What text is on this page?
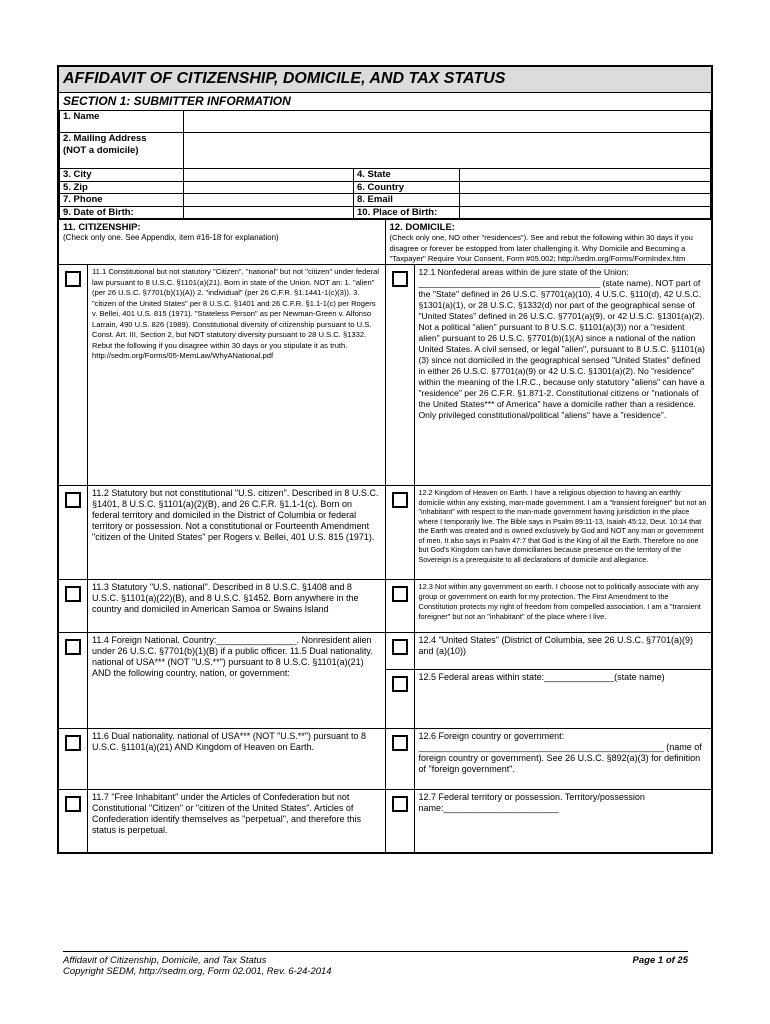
AFFIDAVIT OF CITIZENSHIP, DOMICILE, AND TAX STATUS
SECTION 1: SUBMITTER INFORMATION
1. Name			

2. Mailing Address
(NOT a domicile)			

3. City		4. State	
5. Zip		6. Country	
7. Phone		8. Email	
9. Date of Birth:		10. Place of Birth:	
11. CITIZENSHIP:
(Check only one. See Appendix, item #16-18 for explanation)
12. DOMICILE:
(Check only one, NO other "residences"). See and rebut the following within 30 days if you disagree or forever be estopped from later challenging it. Why Domicile and Becoming a "Taxpayer" Require Your Consent, Form #05.002; http://sedm.org/Forms/FormIndex.htm
11.1 Constitutional but not statutory "Citizen". "national" but not "citizen" under federal law pursuant to 8 U.S.C. §1101(a)(21). Born in state of the Union. NOT an: 1. "alien" (per 26 U.S.C. §7701(b)(1)(A)) 2. "individual" (per 26 C.F.R. §1.1441-1(c)(3)). 3. "citizen of the United States" per 8 U.S.C. §1401 and 26 C.F.R. §1.1-1(c) per Rogers v. Bellei, 401 U.S. 815 (1971). "Stateless Person" as per Newman-Green v. Alfonso Larrain, 490 U.S. 826 (1989). Constitutional diversity of citizenship pursuant to U.S. Const. Art. III, Section 2, but NOT statutory diversity pursuant to 28 U.S.C. §1332. Rebut the following if you disagree within 30 days or you stipulate it as truth. http://sedm.org/Forms/05-MemLaw/WhyANational.pdf
12.1 Nonfederal areas within de jure state of the Union: ______________________________________ (state name). NOT part of the "State" defined in 26 U.S.C. §7701(a)(10), 4 U.S.C. §110(d), 42 U.S.C. §1301(a)(1), or 28 U.S.C. §1332(d) nor part of the geographical sense of "United States" defined in 26 U.S.C. §7701(a)(9), or 42 U.S.C. §1301(a)(2). Not a political "alien" pursuant to 8 U.S.C. §1101(a)(3)) nor a "resident alien" pursuant to 26 U.S.C. §7701(b)(1)(A) since a national of the nation United States. A civil sensed, or legal "alien", pursuant to 8 U.S.C. §1101(a)(3) since not domiciled in the geographical sensed "United States" defined in either 26 U.S.C. §7701(a)(9) or 42 U.S.C. §1301(a)(2). No "residence" within the meaning of the I.R.C., because only statutory "aliens" can have a "residence" per 26 C.F.R. §1.871-2. Constitutional citizens or "nationals of the United States*** of America" have a domicile rather than a residence. Only privileged constitutional/political "aliens" have a "residence".
11.2 Statutory but not constitutional "U.S. citizen". Described in 8 U.S.C. §1401, 8 U.S.C. §1101(a)(2)(B), and 26 C.F.R. §1.1-1(c). Born on federal territory and domiciled in the District of Columbia or federal territory or possession. Not a constitutional or Fourteenth Amendment "citizen of the United States" per Rogers v. Bellei, 401 U.S. 815 (1971).
12.2 Kingdom of Heaven on Earth. I have a religious objection to having an earthly domicile within any existing, man-made government. I am a "transient foreigner" but not an "inhabitant" with respect to the man-made government having jurisdiction in the place where I temporarily live. The Bible says in Psalm 89:11-13, Isaiah 45:12, Deut. 10:14 that the Earth was created and is owned exclusively by God and NOT any man or government of men. It also says in Psalm 47:7 that God is the King of all the Earth. Therefore no one but God's Kingdom can have domiciliaries because presence on the territory of the Sovereign is a prerequisite to all declarations of domicile and allegiance.
11.3 Statutory "U.S. national". Described in 8 U.S.C. §1408 and 8 U.S.C. §1101(a)(22)(B), and 8 U.S.C. §1452. Born anywhere in the country and domiciled in American Samoa or Swains Island
12.3 Not within any government on earth. I choose not to politically associate with any group or government on earth for my protection. The First Amendment to the Constitution protects my right of freedom from compelled association. I am a "transient foreigner" but not an "inhabitant" of the place where I live.
11.4 Foreign National. Country:________________. Nonresident alien under 26 U.S.C. §7701(b)(1)(B) if a public officer. 11.5 Dual nationality. national of USA*** (NOT "U.S.**") pursuant to 8 U.S.C. §1101(a)(21) AND the following country, nation, or government:
12.4 "United States" (District of Columbia, see 26 U.S.C. §7701(a)(9) and (a)(10))
12.5 Federal areas within state:______________(state name)
11.6 Dual nationality. national of USA*** (NOT "U.S.**") pursuant to 8 U.S.C. §1101(a)(21) AND Kingdom of Heaven on Earth.
12.6 Foreign country or government: _________________________________________________ (name of foreign country or government). See 26 U.S.C. §892(a)(3) for definition of "foreign government".
11.7 "Free Inhabitant" under the Articles of Confederation but not Constitutional "Citizen" or "citizen of the United States". Articles of Confederation identify themselves as "perpetual", and therefore this status is perpetual.
12.7 Federal territory or possession. Territory/possession name:_______________________
Affidavit of Citizenship, Domicile, and Tax Status
Copyright SEDM, http://sedm.org, Form 02.001, Rev. 6-24-2014
Page 1 of 25
